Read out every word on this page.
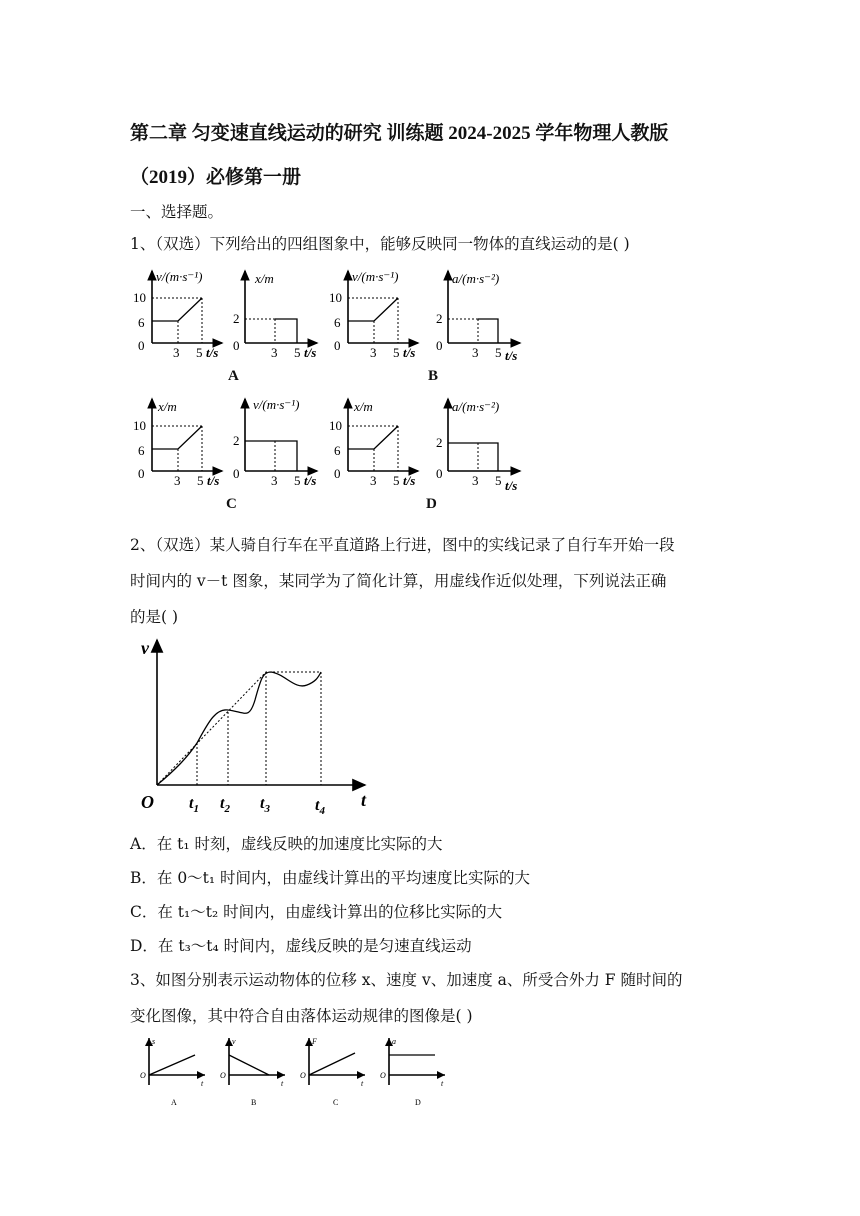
第二章 匀变速直线运动的研究 训练题 2024-2025 学年物理人教版
（2019）必修第一册
一、选择题。
1、（双选）下列给出的四组图象中，能够反映同一物体的直线运动的是( )
v/(m·s⁻¹)
10
6
0 3 5 t/s
x/m
2
0 3 5 t/s
v/(m·s⁻¹)
10
6
0 3 5 t/s
a/(m·s⁻²)
2
0 3 5 t/s
x/m
10
6
0 3 5 t/s
v/(m·s⁻¹)
2
0 3 5 t/s
x/m
10
6
0 3 5 t/s
a/(m·s⁻²)
2
0 3 5 t/s
A	B
C	D
2、（双选）某人骑自行车在平直道路上行进，图中的实线记录了自行车开始一段
时间内的 v－t 图象，某同学为了简化计算，用虚线作近似处理，下列说法正确
的是( )
v
O	t
$t_1$ $t_2$ $t_3$	$t_4$
A．在 t₁ 时刻，虚线反映的加速度比实际的大
B．在 0～t₁ 时间内，由虚线计算出的平均速度比实际的大
C．在 t₁～t₂ 时间内，由虚线计算出的位移比实际的大
D．在 t₃～t₄ 时间内，虚线反映的是匀速直线运动
3、如图分别表示运动物体的位移 x、速度 v、加速度 a、所受合外力 F 随时间的
变化图像，其中符合自由落体运动规律的图像是( )
s
O
t
A
v
O
t
B
F
O
t
C
a
O
t
D
